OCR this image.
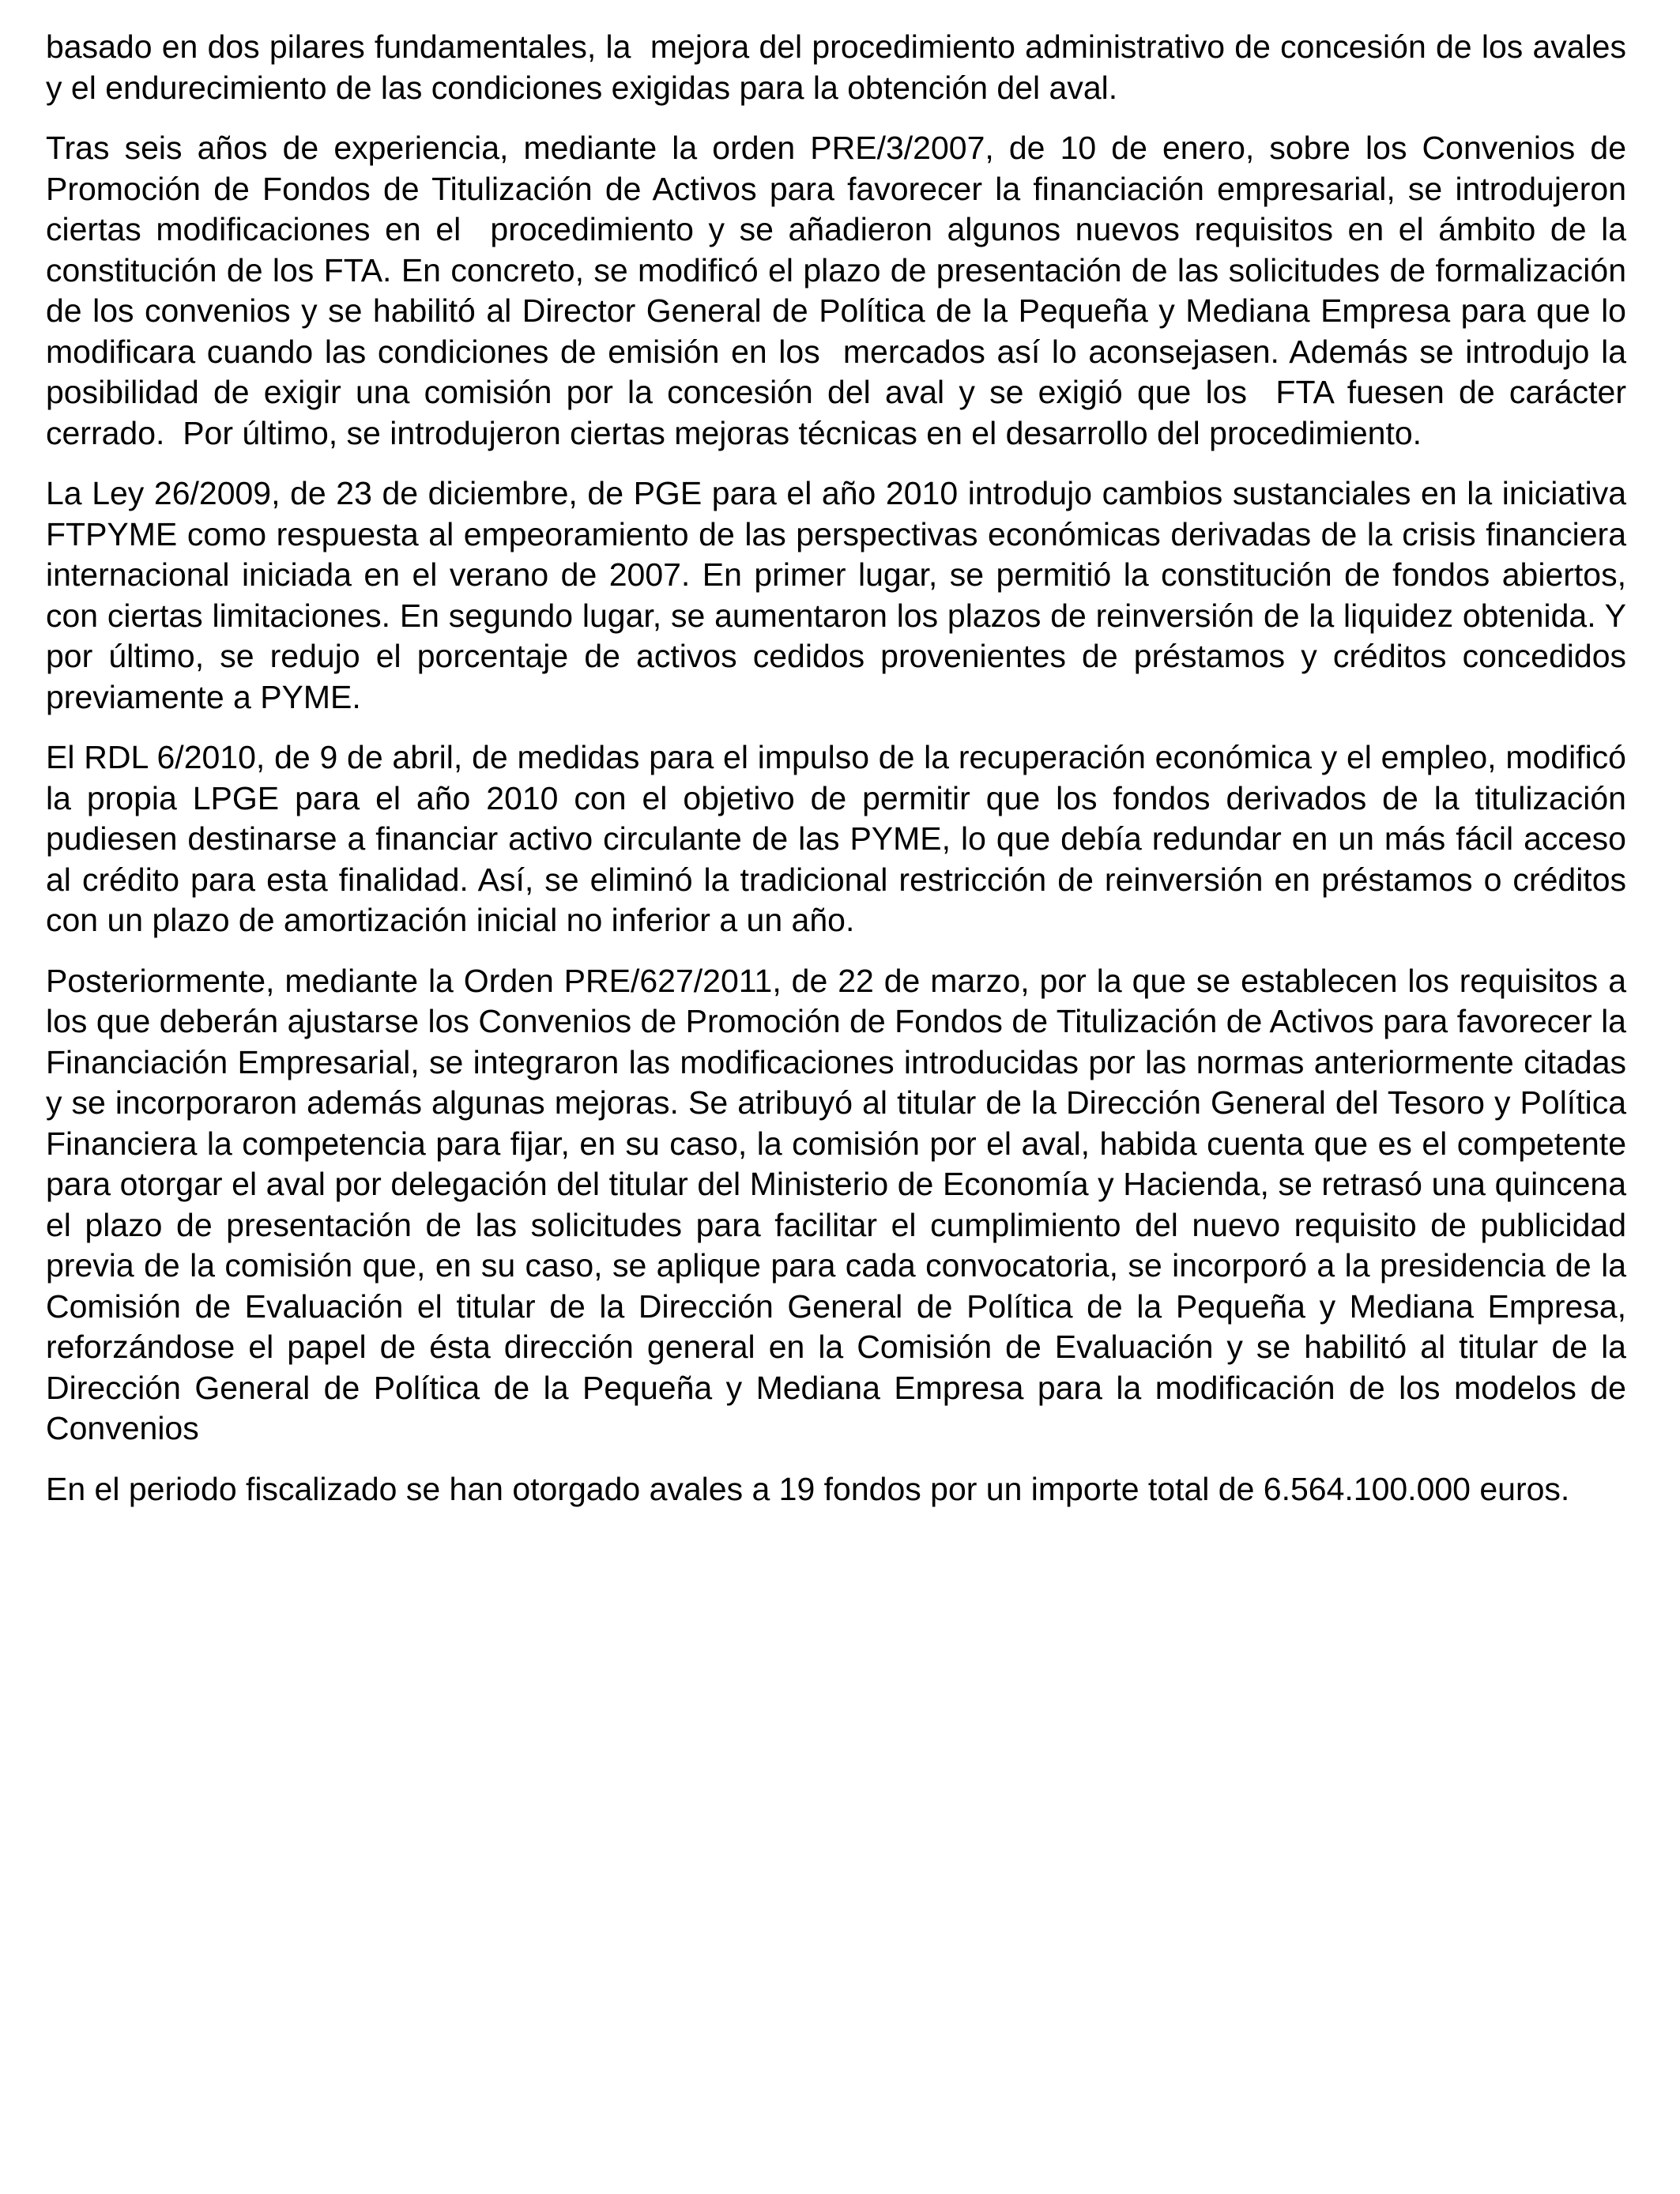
basado en dos pilares fundamentales, la  mejora del procedimiento administrativo de concesión de los avales y el endurecimiento de las condiciones exigidas para la obtención del aval.

Tras seis años de experiencia, mediante la orden PRE/3/2007, de 10 de enero, sobre los Convenios de Promoción de Fondos de Titulización de Activos para favorecer la financiación empresarial, se introdujeron ciertas modificaciones en el  procedimiento y se añadieron algunos nuevos requisitos en el ámbito de la constitución de los FTA. En concreto, se modificó el plazo de presentación de las solicitudes de formalización de los convenios y se habilitó al Director General de Política de la Pequeña y Mediana Empresa para que lo modificara cuando las condiciones de emisión en los  mercados así lo aconsejasen. Además se introdujo la  posibilidad de exigir una comisión por la concesión del aval y se exigió que los  FTA fuesen de carácter cerrado.  Por último, se introdujeron ciertas mejoras técnicas en el desarrollo del procedimiento.

La Ley 26/2009, de 23 de diciembre, de PGE para el año 2010 introdujo cambios sustanciales en la iniciativa FTPYME como respuesta al empeoramiento de las perspectivas económicas derivadas de la crisis financiera internacional iniciada en el verano de 2007. En primer lugar, se permitió la constitución de fondos abiertos, con ciertas limitaciones. En segundo lugar, se aumentaron los plazos de reinversión de la liquidez obtenida. Y por último, se redujo el porcentaje de activos cedidos provenientes de préstamos y créditos concedidos previamente a PYME.

El RDL 6/2010, de 9 de abril, de medidas para el impulso de la recuperación económica y el empleo, modificó la propia LPGE para el año 2010 con el objetivo de permitir que los fondos derivados de la titulización pudiesen destinarse a financiar activo circulante de las PYME, lo que debía redundar en un más fácil acceso al crédito para esta finalidad. Así, se eliminó la tradicional restricción de reinversión en préstamos o créditos con un plazo de amortización inicial no inferior a un año.

Posteriormente, mediante la Orden PRE/627/2011, de 22 de marzo, por la que se establecen los requisitos a los que deberán ajustarse los Convenios de Promoción de Fondos de Titulización de Activos para favorecer la Financiación Empresarial, se integraron las modificaciones introducidas por las normas anteriormente citadas y se incorporaron además algunas mejoras. Se atribuyó al titular de la Dirección General del Tesoro y Política Financiera la competencia para fijar, en su caso, la comisión por el aval, habida cuenta que es el competente para otorgar el aval por delegación del titular del Ministerio de Economía y Hacienda, se retrasó una quincena el plazo de presentación de las solicitudes para facilitar el cumplimiento del nuevo requisito de publicidad previa de la comisión que, en su caso, se aplique para cada convocatoria, se incorporó a la presidencia de la Comisión de Evaluación el titular de la Dirección General de Política de la Pequeña y Mediana Empresa, reforzándose el papel de ésta dirección general en la Comisión de Evaluación y se habilitó al titular de la Dirección General de Política de la Pequeña y Mediana Empresa para la modificación de los modelos de Convenios

En el periodo fiscalizado se han otorgado avales a 19 fondos por un importe total de 6.564.100.000 euros.
